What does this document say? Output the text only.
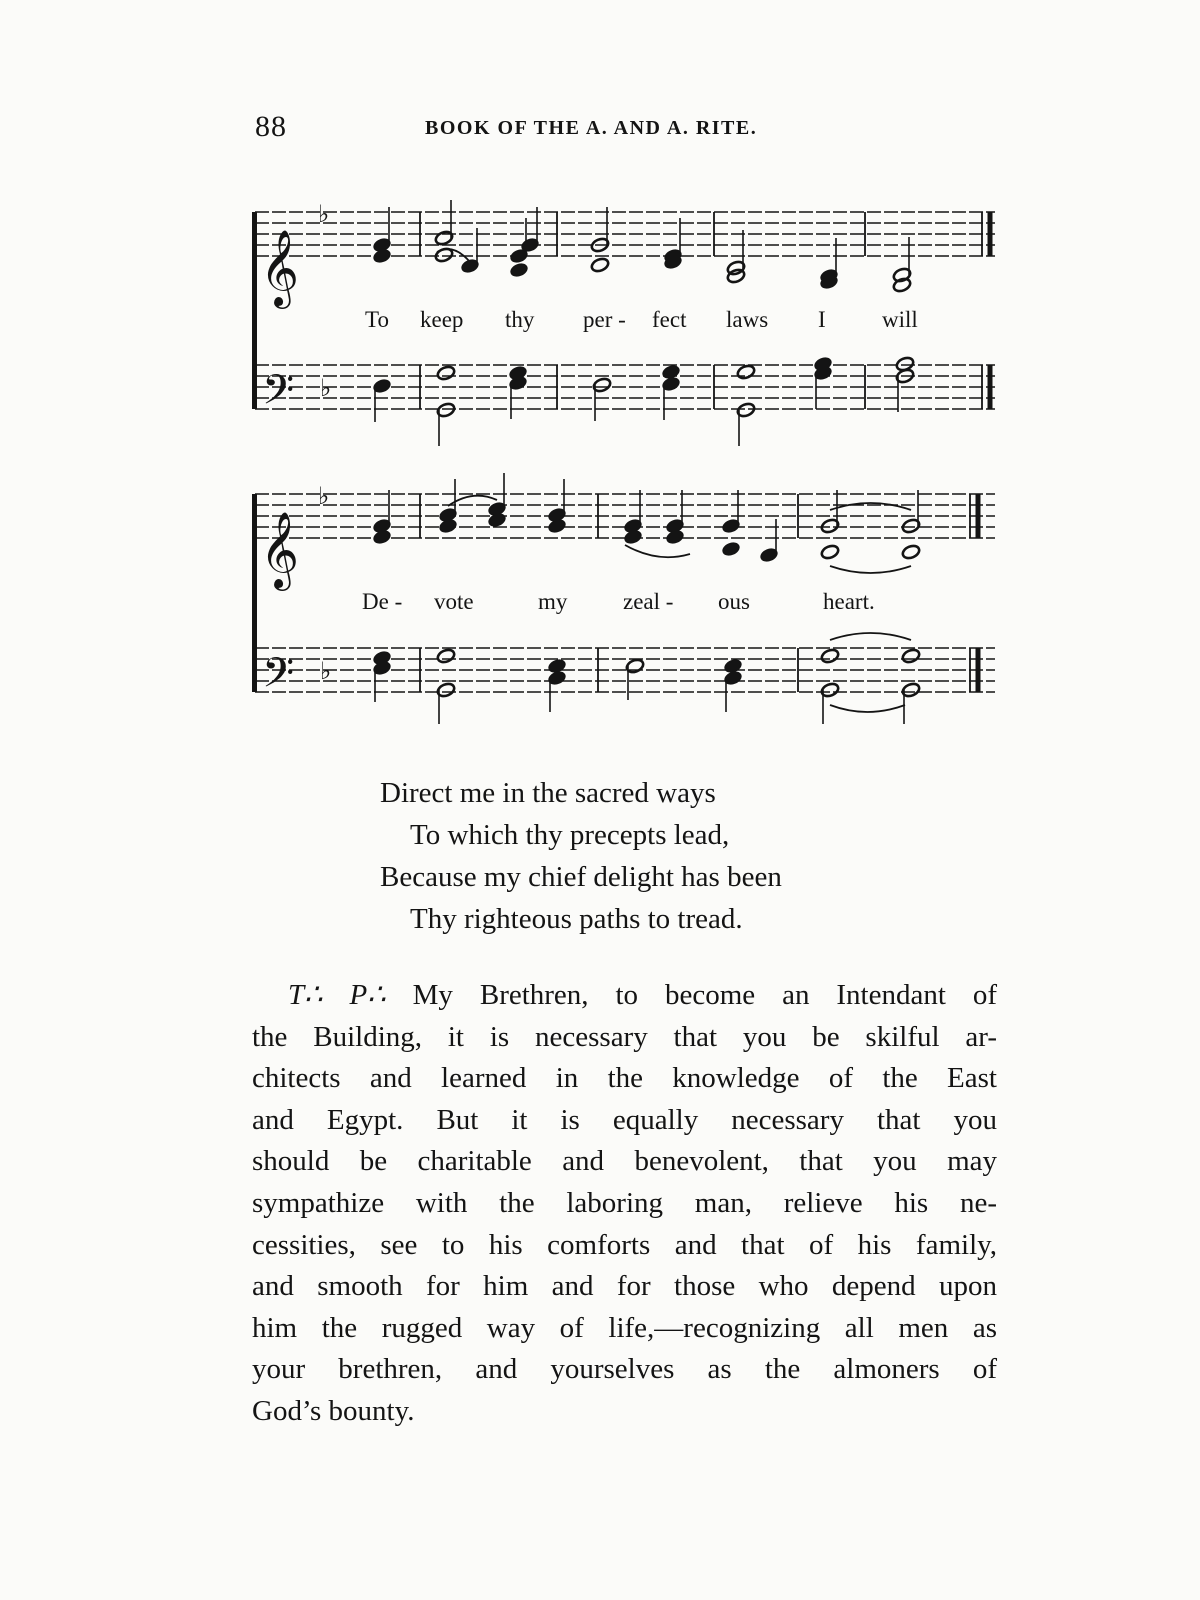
88	BOOK OF THE A. AND A. RITE.
𝄞
𝄢
♭
♭
𝄞
𝄢
♭
♭
To keep thy per - fect laws I will
De - vote	my zeal - ous	heart.
Direct me in the sacred ways
To which thy precepts lead,
Because my chief delight has been
Thy righteous paths to tread.
T∴ P∴ My Brethren, to become an Intendant of
the Building, it is necessary that you be skilful ar-
chitects and learned in the knowledge of the East
and Egypt. But it is equally necessary that you
should be charitable and benevolent, that you may
sympathize with the laboring man, relieve his ne-
cessities, see to his comforts and that of his family,
and smooth for him and for those who depend upon
him the rugged way of life,—recognizing all men as
your brethren, and yourselves as the almoners of
God’s bounty.
